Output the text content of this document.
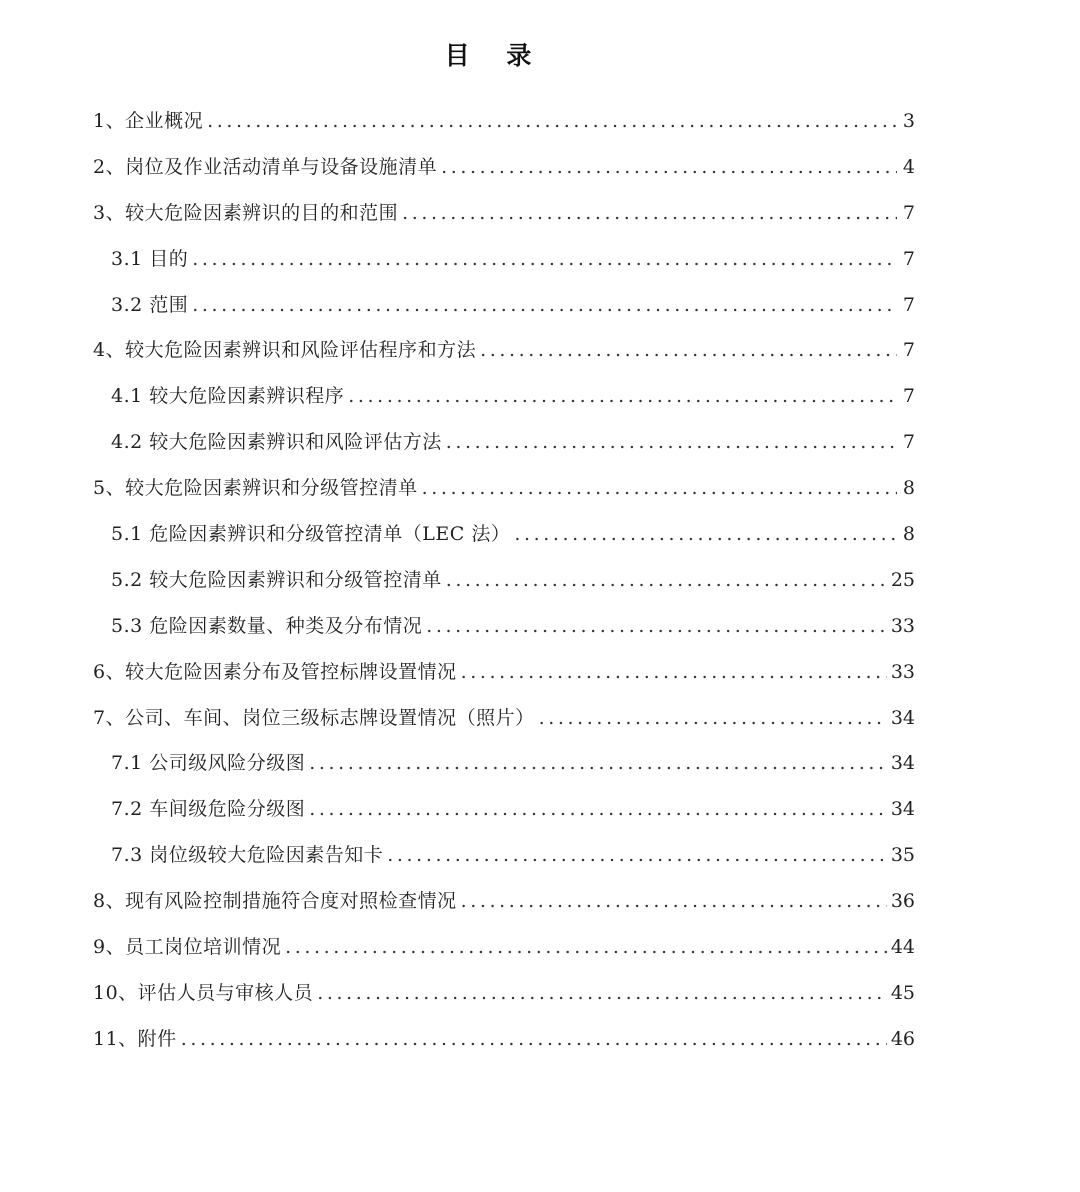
目 录
1、企业概况 .....	3
2、岗位及作业活动清单与设备设施清单 .....	4
3、较大危险因素辨识的目的和范围 .....	7
3.1 目的 .....	7
3.2 范围 .....	7
4、较大危险因素辨识和风险评估程序和方法 .....	7
4.1 较大危险因素辨识程序 .....	7
4.2 较大危险因素辨识和风险评估方法 .....	7
5、较大危险因素辨识和分级管控清单 .....	8
5.1 危险因素辨识和分级管控清单（LEC 法） .....	8
5.2 较大危险因素辨识和分级管控清单 .....	25
5.3 危险因素数量、种类及分布情况 .....	33
6、较大危险因素分布及管控标牌设置情况 .....	33
7、公司、车间、岗位三级标志牌设置情况（照片） .....	34
7.1 公司级风险分级图 .....	34
7.2 车间级危险分级图 .....	34
7.3 岗位级较大危险因素告知卡 .....	35
8、现有风险控制措施符合度对照检查情况 .....	36
9、员工岗位培训情况 .....	44
10、评估人员与审核人员 .....	45
11、附件 .....	46
